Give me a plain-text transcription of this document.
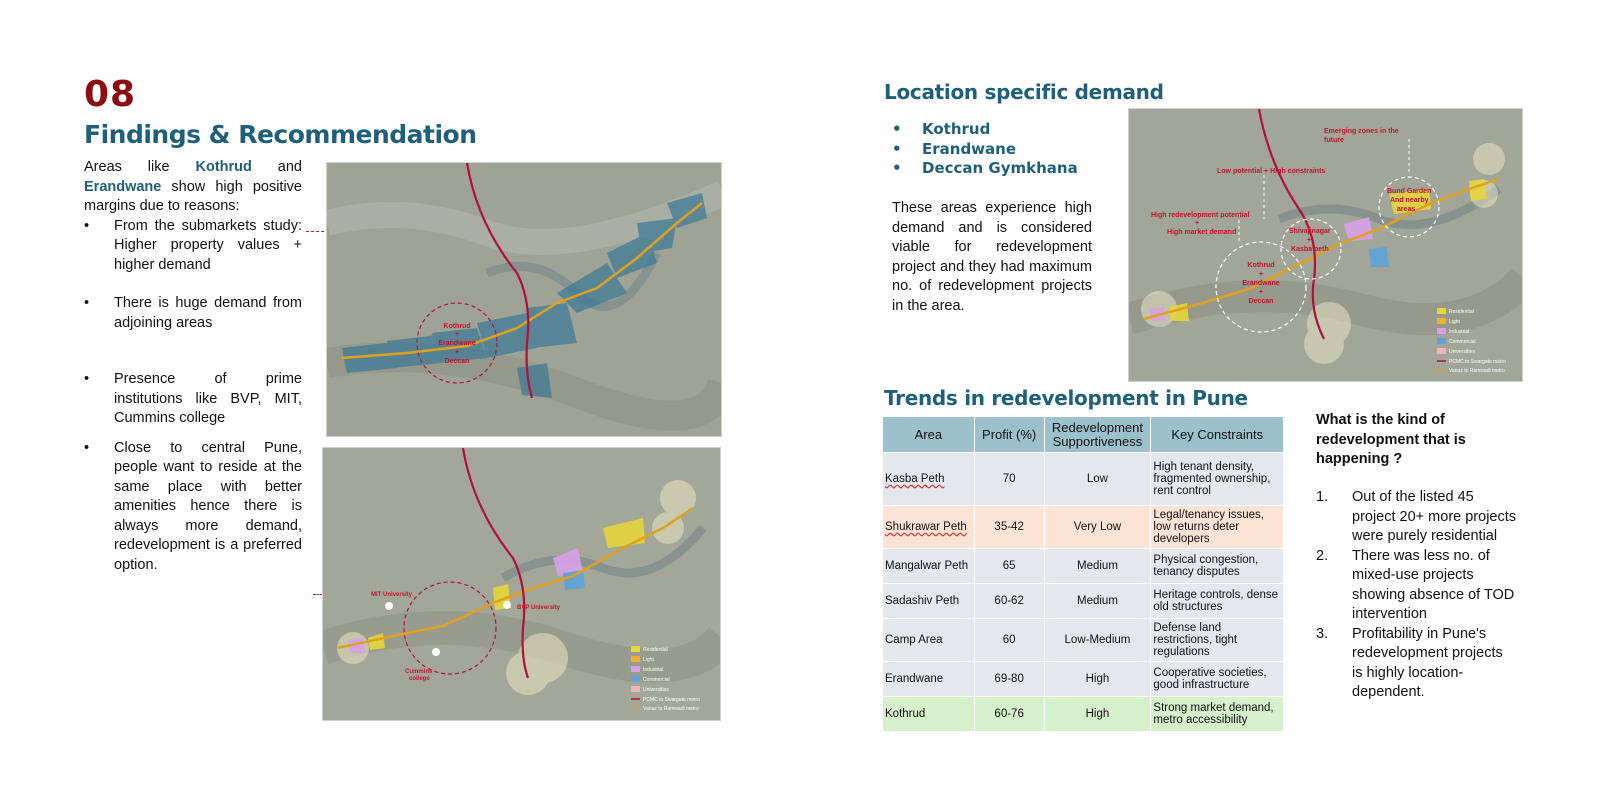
08
Findings & Recommendation

Areas like Kothrud and Erandwane show high positive margins due to reasons:

•	From the submarkets study: Higher property values + higher demand
•	There is huge demand from adjoining areas
•	Presence of prime institutions like BVP, MIT, Cummins college
•	Close to central Pune, people want to reside at the same place with better amenities hence there is always more demand, redevelopment is a preferred option.
Kothrud
+
Erandwane
+
Deccan
MIT University
BVP University
Cummins
college
Residential
Light
Industrial
Commercial
Universities
PCMC to Swargate metro
Vanaz to Ramwadi metro
Location specific demand
•	Kothrud
•	Erandwane
•	Deccan Gymkhana
These areas experience high demand and is considered viable for redevelopment project and they had maximum no. of redevelopment projects in the area.
Emerging zones in the
future
Low potential + High constraints
High redevelopment potential
+
High market demand
Bund Garden
And nearby
areas
Shivajinagar
+
Kasba peth
Kothrud
+
Erandwane
+
Deccan
Residential
Light
Industrial
Commercial
Universities
PCMC to Swargate metro
Vanaz to Ramwadi metro
Trends in redevelopment in Pune
Area	Profit (%)	Redevelopment Supportiveness	Key Constraints
Kasba Peth	70	Low	High tenant density, fragmented ownership, rent control
Shukrawar Peth	35-42	Very Low	Legal/tenancy issues, low returns deter developers
Mangalwar Peth	65	Medium	Physical congestion, tenancy disputes
Sadashiv Peth	60-62	Medium	Heritage controls, dense old structures
Camp Area	60	Low-Medium	Defense land restrictions, tight regulations
Erandwane	69-80	High	Cooperative societies, good infrastructure
Kothrud	60-76	High	Strong market demand, metro accessibility
What is the kind of redevelopment that is happening ?
1.	Out of the listed 45 project 20+ more projects were purely residential
2.	There was less no. of mixed-use projects showing absence of TOD intervention
3.	Profitability in Pune's redevelopment projects is highly location-dependent.
